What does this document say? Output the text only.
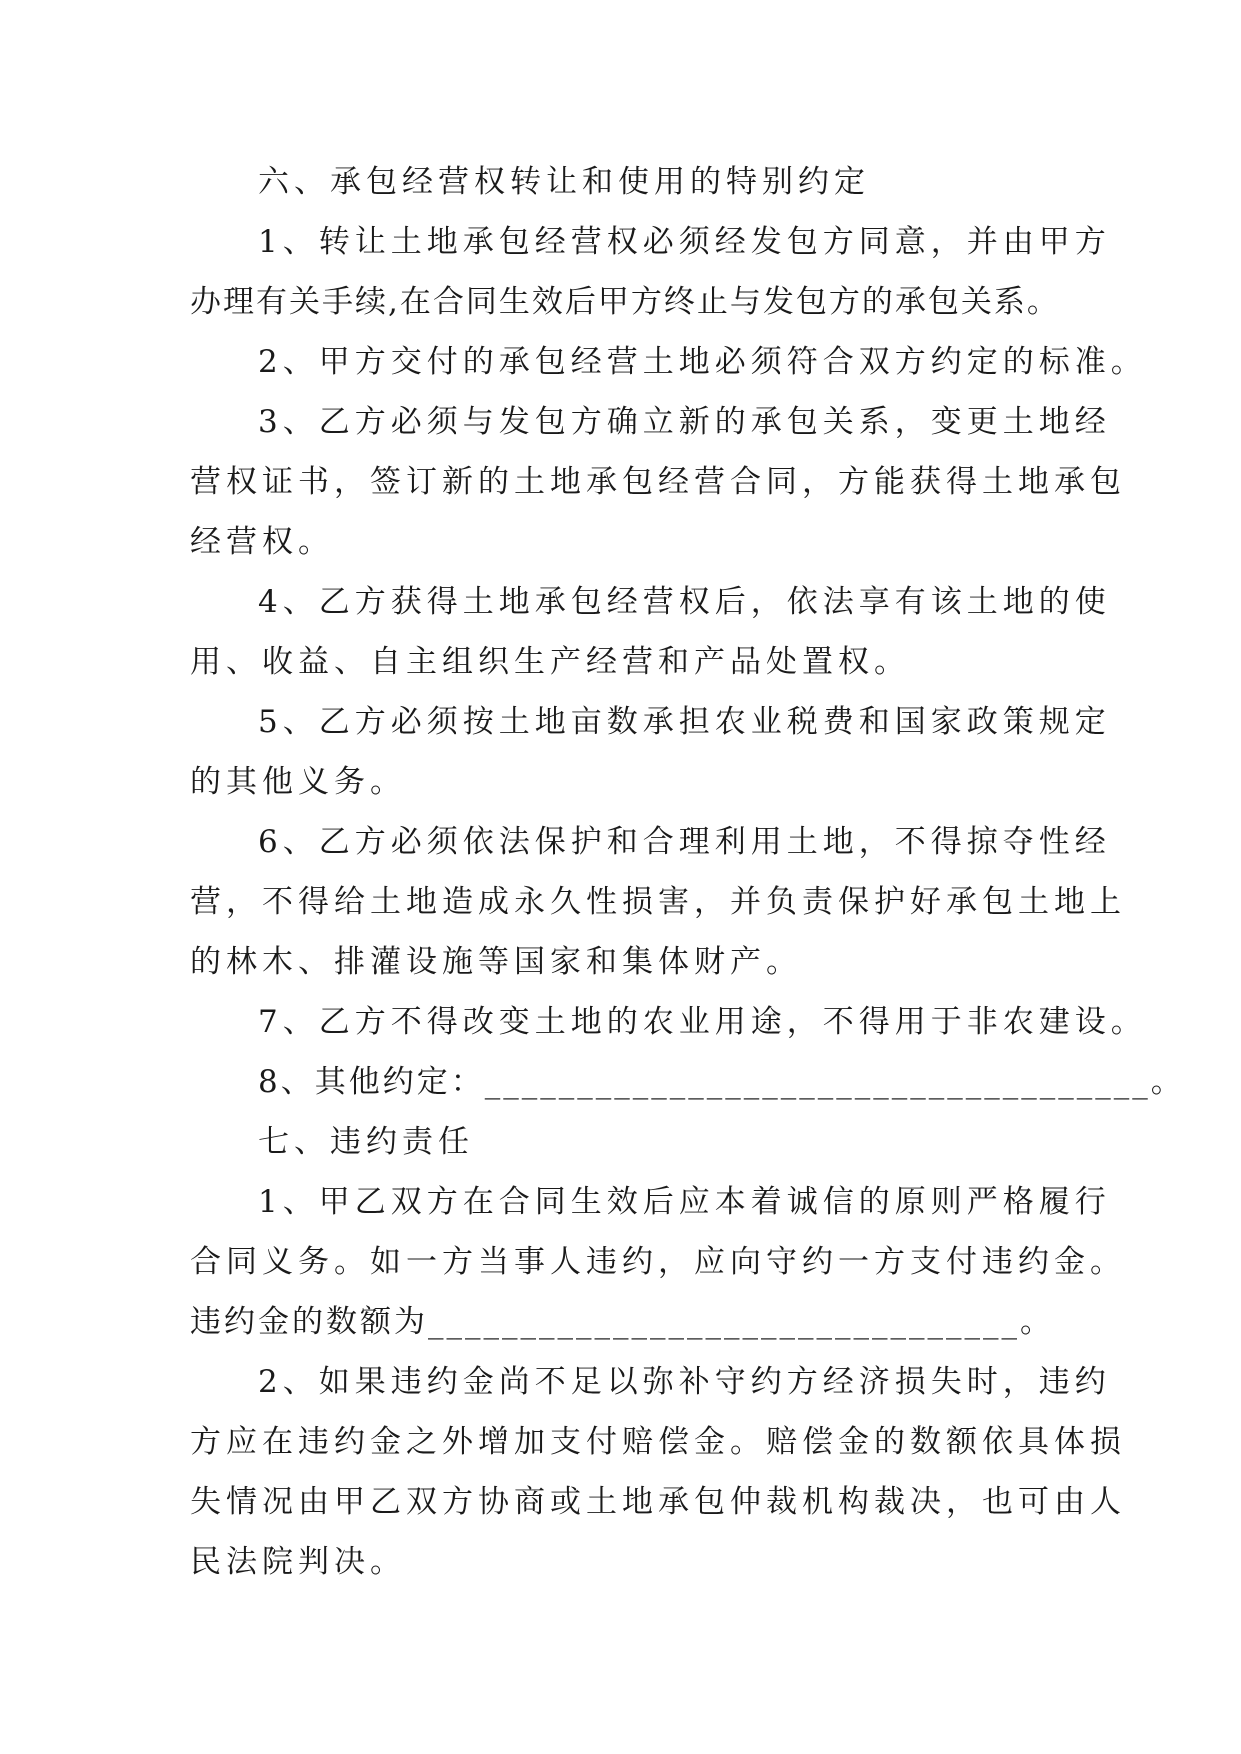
六、承包经营权转让和使用的特别约定

1、转让土地承包经营权必须经发包方同意，并由甲方

办理有关手续,在合同生效后甲方终止与发包方的承包关系。

2、甲方交付的承包经营土地必须符合双方约定的标准。

3、乙方必须与发包方确立新的承包关系，变更土地经

营权证书，签订新的土地承包经营合同，方能获得土地承包

经营权。

4、乙方获得土地承包经营权后，依法享有该土地的使

用、收益、自主组织生产经营和产品处置权。

5、乙方必须按土地亩数承担农业税费和国家政策规定

的其他义务。

6、乙方必须依法保护和合理利用土地，不得掠夺性经

营，不得给土地造成永久性损害，并负责保护好承包土地上

的林木、排灌设施等国家和集体财产。

7、乙方不得改变土地的农业用途，不得用于非农建设。

8、其他约定：____________________________________。

七、违约责任

1、甲乙双方在合同生效后应本着诚信的原则严格履行

合同义务。如一方当事人违约，应向守约一方支付违约金。

违约金的数额为________________________________。

2、如果违约金尚不足以弥补守约方经济损失时，违约

方应在违约金之外增加支付赔偿金。赔偿金的数额依具体损

失情况由甲乙双方协商或土地承包仲裁机构裁决，也可由人

民法院判决。
